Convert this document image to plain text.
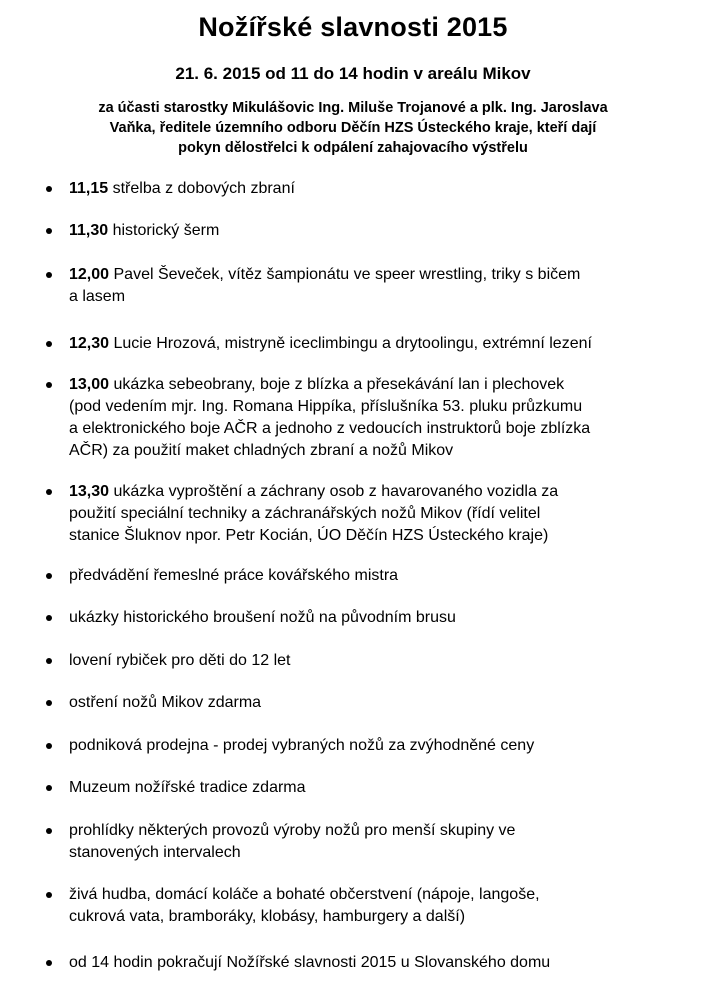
Nožířské slavnosti 2015
21. 6. 2015 od 11 do 14 hodin v areálu Mikov
za účasti starostky Mikulášovic Ing. Miluše Trojanové a plk. Ing. Jaroslava
Vaňka, ředitele územního odboru Děčín HZS Ústeckého kraje, kteří dají
pokyn dělostřelci k odpálení zahajovacího výstřelu

11,15 střelba z dobových zbraní

11,30 historický šerm

12,00 Pavel Ševeček, vítěz šampionátu ve speer wrestling, triky s bičem
a lasem

12,30 Lucie Hrozová, mistryně iceclimbingu a drytoolingu, extrémní lezení

13,00 ukázka sebeobrany, boje z blízka a přesekávání lan i plechovek
(pod vedením mjr. Ing. Romana Hippíka, příslušníka 53. pluku průzkumu
a elektronického boje AČR a jednoho z vedoucích instruktorů boje zblízka
AČR) za použití maket chladných zbraní a nožů Mikov

13,30 ukázka vyproštění a záchrany osob z havarovaného vozidla za
použití speciální techniky a záchranářských nožů Mikov (řídí velitel
stanice Šluknov npor. Petr Kocián, ÚO Děčín HZS Ústeckého kraje)

předvádění řemeslné práce kovářského mistra

ukázky historického broušení nožů na původním brusu

lovení rybiček pro děti do 12 let

ostření nožů Mikov zdarma

podniková prodejna - prodej vybraných nožů za zvýhodněné ceny

Muzeum nožířské tradice zdarma

prohlídky některých provozů výroby nožů pro menší skupiny ve
stanovených intervalech

živá hudba, domácí koláče a bohaté občerstvení (nápoje, langoše,
cukrová vata, bramboráky, klobásy, hamburgery a další)

od 14 hodin pokračují Nožířské slavnosti 2015 u Slovanského domu
